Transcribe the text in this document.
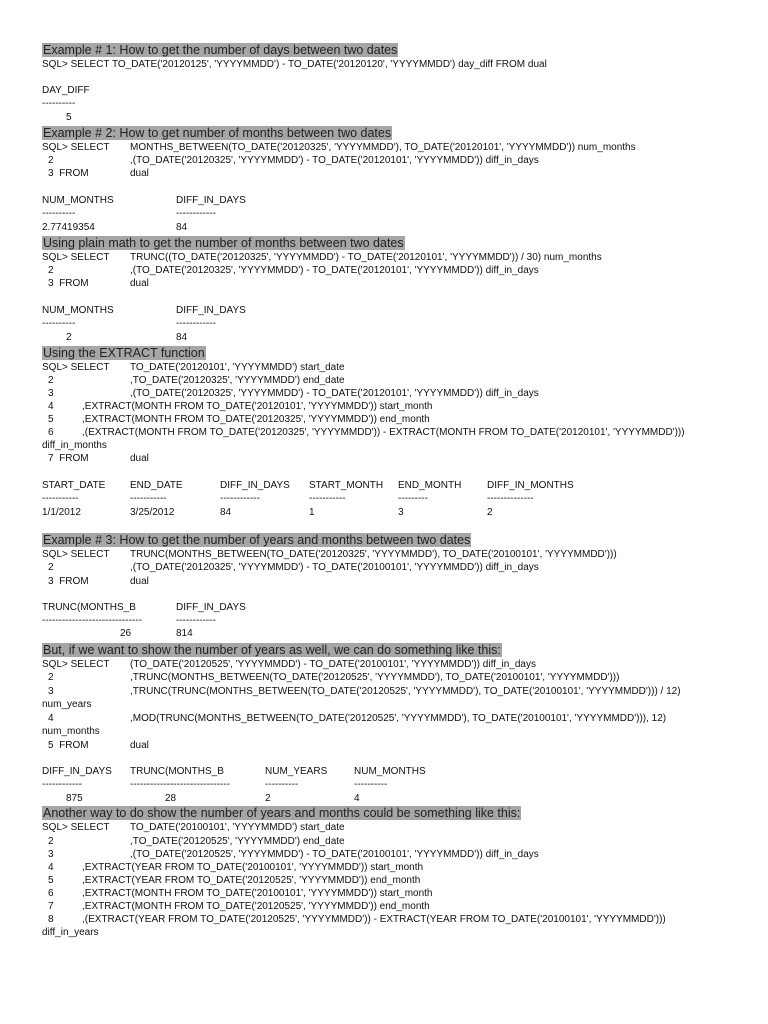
Example # 1: How to get the number of days between two dates
SQL> SELECT TO_DATE('20120125', 'YYYYMMDD') - TO_DATE('20120120', 'YYYYMMDD') day_diff FROM dual
DAY_DIFF
----------
5
Example # 2: How to get number of months between two dates
SQL> SELECT MONTHS_BETWEEN(TO_DATE('20120325', 'YYYYMMDD'), TO_DATE('20120101', 'YYYYMMDD')) num_months
2	,(TO_DATE('20120325', 'YYYYMMDD') - TO_DATE('20120101', 'YYYYMMDD')) diff_in_days
3  FROM	dual
NUM_MONTHS	DIFF_IN_DAYS
----------	------------
2.77419354	84
Using plain math to get the number of months between two dates
SQL> SELECT TRUNC((TO_DATE('20120325', 'YYYYMMDD') - TO_DATE('20120101', 'YYYYMMDD')) / 30) num_months
2	,(TO_DATE('20120325', 'YYYYMMDD') - TO_DATE('20120101', 'YYYYMMDD')) diff_in_days
3  FROM	dual
NUM_MONTHS	DIFF_IN_DAYS
----------	------------
2	84
Using the EXTRACT function
SQL> SELECT TO_DATE('20120101', 'YYYYMMDD') start_date
2	,TO_DATE('20120325', 'YYYYMMDD') end_date
3	,(TO_DATE('20120325', 'YYYYMMDD') - TO_DATE('20120101', 'YYYYMMDD')) diff_in_days
4	,EXTRACT(MONTH FROM TO_DATE('20120101', 'YYYYMMDD')) start_month
5	,EXTRACT(MONTH FROM TO_DATE('20120325', 'YYYYMMDD')) end_month
6	,(EXTRACT(MONTH FROM TO_DATE('20120325', 'YYYYMMDD')) - EXTRACT(MONTH FROM TO_DATE('20120101', 'YYYYMMDD')))
diff_in_months
7  FROM	dual
START_DATE END_DATE	DIFF_IN_DAYS START_MONTH END_MONTH	DIFF_IN_MONTHS
-----------	-----------	------------	-----------	---------	--------------
1/1/2012	3/25/2012	84	1	3	2
Example # 3: How to get the number of years and months between two dates
SQL> SELECT TRUNC(MONTHS_BETWEEN(TO_DATE('20120325', 'YYYYMMDD'), TO_DATE('20100101', 'YYYYMMDD')))
2	,(TO_DATE('20120325', 'YYYYMMDD') - TO_DATE('20100101', 'YYYYMMDD')) diff_in_days
3  FROM	dual
TRUNC(MONTHS_B	DIFF_IN_DAYS
------------------------------	------------
26	814
But, if we want to show the number of years as well, we can do something like this:
SQL> SELECT (TO_DATE('20120525', 'YYYYMMDD') - TO_DATE('20100101', 'YYYYMMDD')) diff_in_days
2	,TRUNC(MONTHS_BETWEEN(TO_DATE('20120525', 'YYYYMMDD'), TO_DATE('20100101', 'YYYYMMDD')))
3	,TRUNC(TRUNC(MONTHS_BETWEEN(TO_DATE('20120525', 'YYYYMMDD'), TO_DATE('20100101', 'YYYYMMDD'))) / 12)
num_years
4	,MOD(TRUNC(MONTHS_BETWEEN(TO_DATE('20120525', 'YYYYMMDD'), TO_DATE('20100101', 'YYYYMMDD'))), 12)
num_months
5  FROM	dual
DIFF_IN_DAYS TRUNC(MONTHS_B	NUM_YEARS	NUM_MONTHS
------------	------------------------------	----------	----------
875	28	2	4
Another way to do show the number of years and months could be something like this:
SQL> SELECT TO_DATE('20100101', 'YYYYMMDD') start_date
2	,TO_DATE('20120525', 'YYYYMMDD') end_date
3	,(TO_DATE('20120525', 'YYYYMMDD') - TO_DATE('20100101', 'YYYYMMDD')) diff_in_days
4	,EXTRACT(YEAR FROM TO_DATE('20100101', 'YYYYMMDD')) start_month
5	,EXTRACT(YEAR FROM TO_DATE('20120525', 'YYYYMMDD')) end_month
6	,EXTRACT(MONTH FROM TO_DATE('20100101', 'YYYYMMDD')) start_month
7	,EXTRACT(MONTH FROM TO_DATE('20120525', 'YYYYMMDD')) end_month
8	,(EXTRACT(YEAR FROM TO_DATE('20120525', 'YYYYMMDD')) - EXTRACT(YEAR FROM TO_DATE('20100101', 'YYYYMMDD')))
diff_in_years
